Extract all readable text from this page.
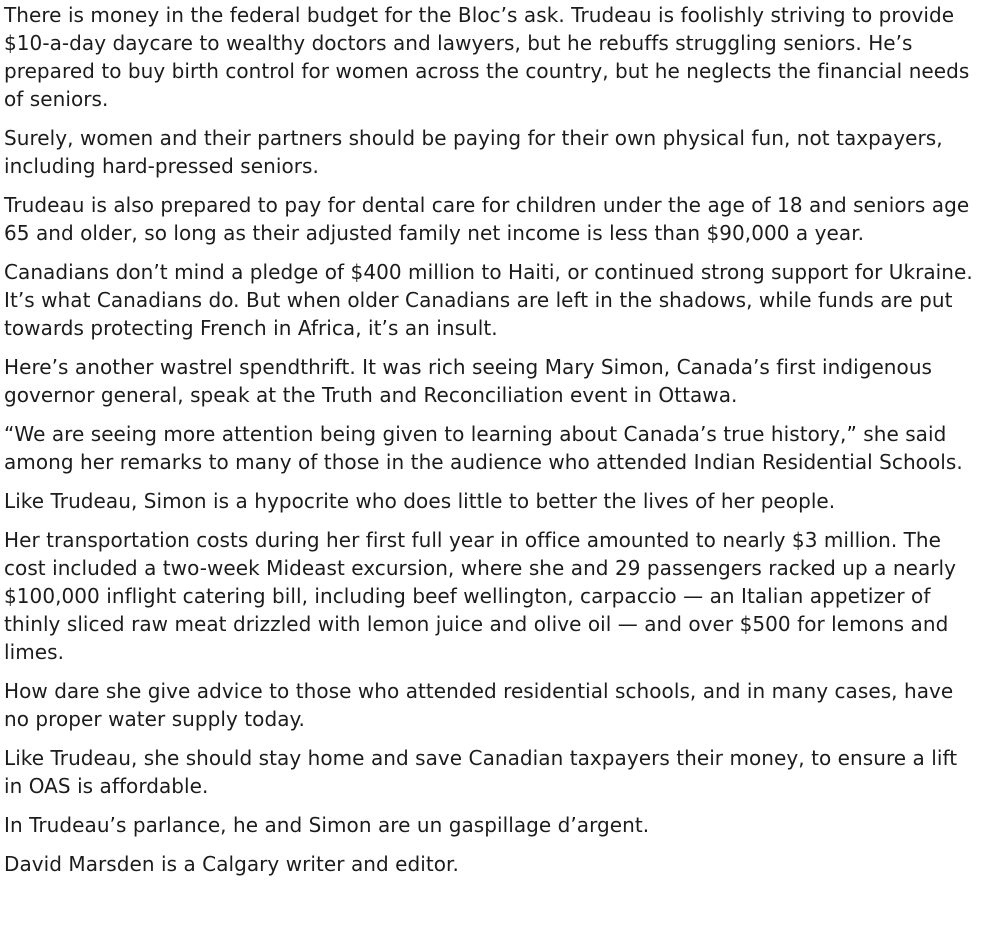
There is money in the federal budget for the Bloc’s ask. Trudeau is foolishly striving to provide $10-a-day daycare to wealthy doctors and lawyers, but he rebuffs struggling seniors. He’s prepared to buy birth control for women across the country, but he neglects the financial needs of seniors.

Surely, women and their partners should be paying for their own physical fun, not taxpayers, including hard-pressed seniors.

Trudeau is also prepared to pay for dental care for children under the age of 18 and seniors age 65 and older, so long as their adjusted family net income is less than $90,000 a year.

Canadians don’t mind a pledge of $400 million to Haiti, or continued strong support for Ukraine. It’s what Canadians do. But when older Canadians are left in the shadows, while funds are put towards protecting French in Africa, it’s an insult.

Here’s another wastrel spendthrift. It was rich seeing Mary Simon, Canada’s first indigenous governor general, speak at the Truth and Reconciliation event in Ottawa.

“We are seeing more attention being given to learning about Canada’s true history,” she said among her remarks to many of those in the audience who attended Indian Residential Schools.

Like Trudeau, Simon is a hypocrite who does little to better the lives of her people.

Her transportation costs during her first full year in office amounted to nearly $3 million. The cost included a two-week Mideast excursion, where she and 29 passengers racked up a nearly $100,000 inflight catering bill, including beef wellington, carpaccio — an Italian appetizer of thinly sliced raw meat drizzled with lemon juice and olive oil — and over $500 for lemons and limes.

How dare she give advice to those who attended residential schools, and in many cases, have no proper water supply today.

Like Trudeau, she should stay home and save Canadian taxpayers their money, to ensure a lift in OAS is affordable.

In Trudeau’s parlance, he and Simon are un gaspillage d’argent.

David Marsden is a Calgary writer and editor.
